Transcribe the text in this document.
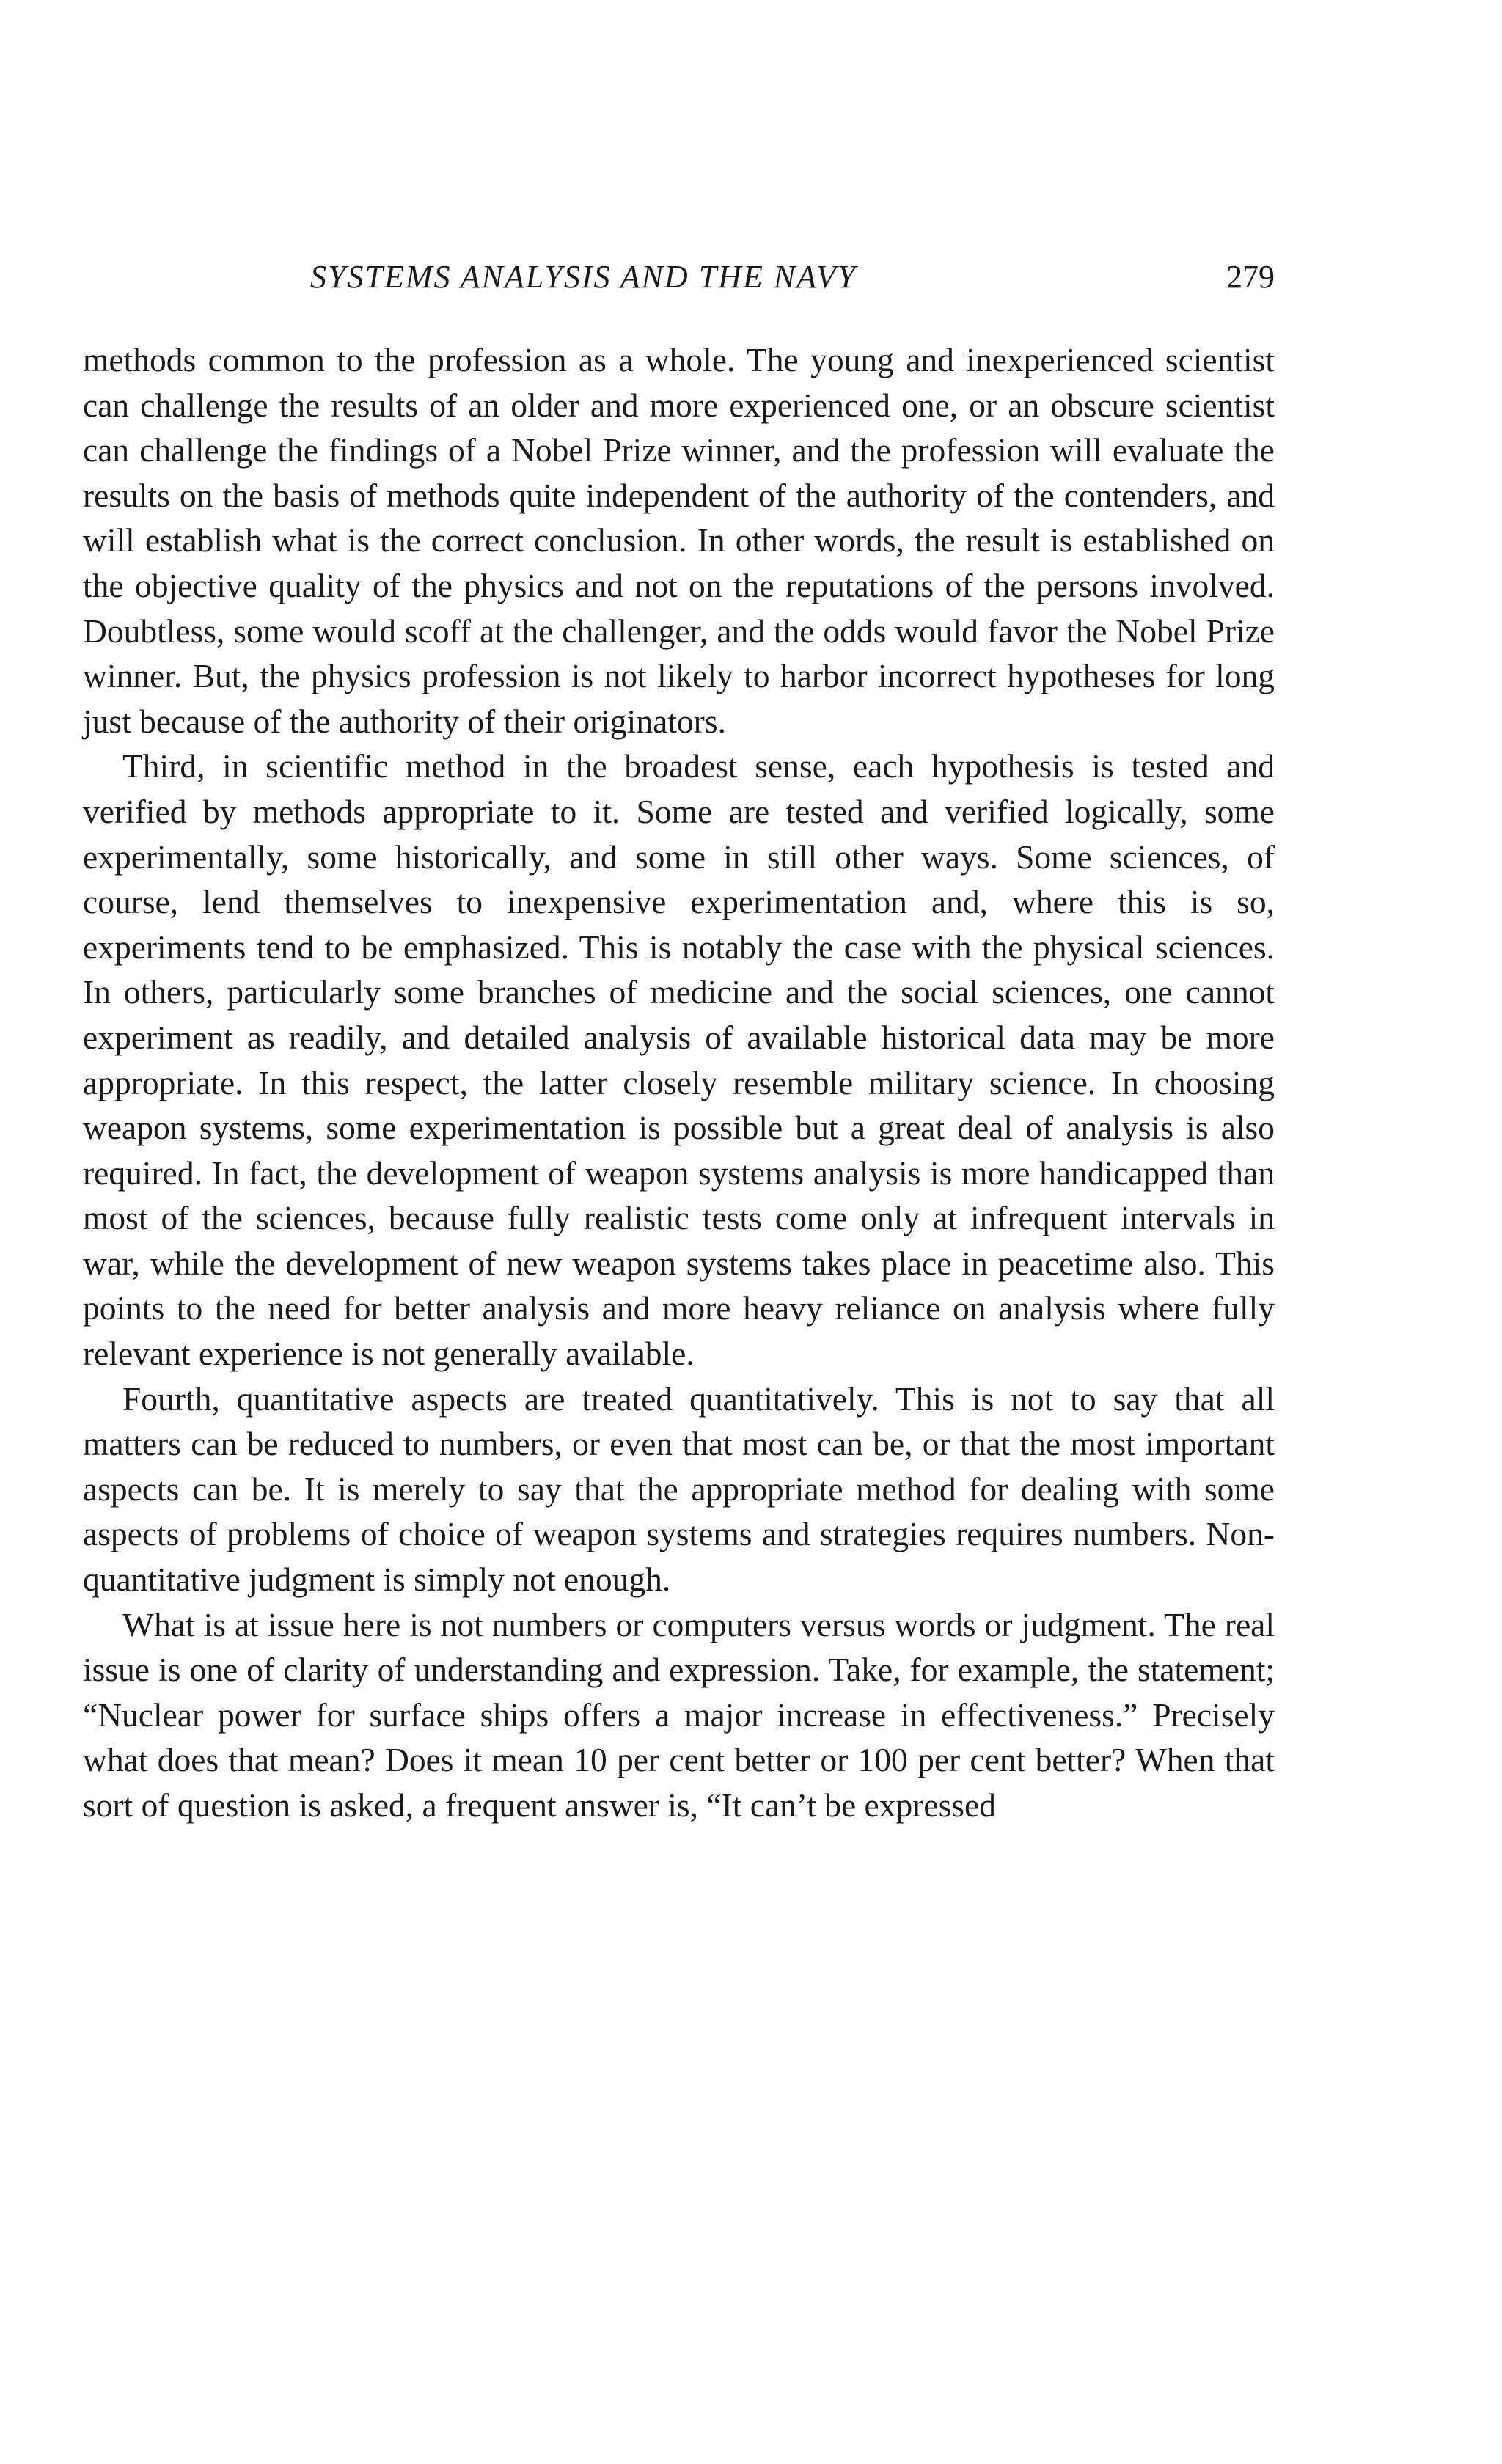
SYSTEMS ANALYSIS AND THE NAVY	279

methods common to the profession as a whole. The young and inexperienced scientist can challenge the results of an older and more experienced one, or an obscure scientist can challenge the findings of a Nobel Prize winner, and the profession will evaluate the results on the basis of methods quite independent of the authority of the contenders, and will establish what is the correct conclusion. In other words, the result is established on the objective quality of the physics and not on the reputations of the persons involved. Doubtless, some would scoff at the challenger, and the odds would favor the Nobel Prize winner. But, the physics profession is not likely to harbor incorrect hypotheses for long just because of the authority of their originators.

Third, in scientific method in the broadest sense, each hypothesis is tested and verified by methods appropriate to it. Some are tested and verified logically, some experimentally, some historically, and some in still other ways. Some sciences, of course, lend themselves to inexpensive experimentation and, where this is so, experiments tend to be emphasized. This is notably the case with the physical sciences. In others, particularly some branches of medicine and the social sciences, one cannot experiment as readily, and detailed analysis of available historical data may be more appropriate. In this respect, the latter closely resemble military science. In choosing weapon systems, some experimentation is possible but a great deal of analysis is also required. In fact, the development of weapon systems analysis is more handicapped than most of the sciences, because fully realistic tests come only at infrequent intervals in war, while the development of new weapon systems takes place in peacetime also. This points to the need for better analysis and more heavy reliance on analysis where fully relevant experience is not generally available.

Fourth, quantitative aspects are treated quantitatively. This is not to say that all matters can be reduced to numbers, or even that most can be, or that the most important aspects can be. It is merely to say that the appropriate method for dealing with some aspects of problems of choice of weapon systems and strategies requires numbers. Non-quantitative judgment is simply not enough.

What is at issue here is not numbers or computers versus words or judgment. The real issue is one of clarity of understanding and expression. Take, for example, the statement; “Nuclear power for surface ships offers a major increase in effectiveness.” Precisely what does that mean? Does it mean 10 per cent better or 100 per cent better? When that sort of question is asked, a frequent answer is, “It can’t be expressed
